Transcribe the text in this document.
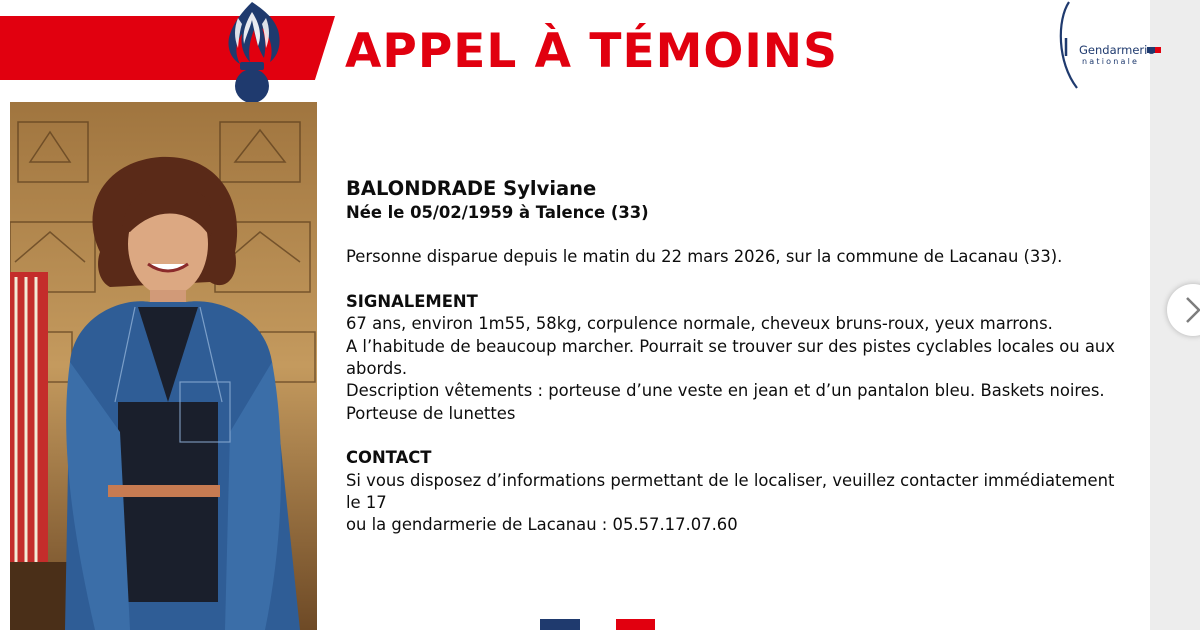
APPEL À TÉMOINS	Gendarmerie
nationale
BALONDRADE Sylviane
Née le 05/02/1959 à Talence (33)
Personne disparue depuis le matin du 22 mars 2026, sur la commune de Lacanau (33).
SIGNALEMENT
67 ans, environ 1m55, 58kg, corpulence normale, cheveux bruns-roux, yeux marrons.
A l’habitude de beaucoup marcher. Pourrait se trouver sur des pistes cyclables locales ou aux
abords.
Description vêtements : porteuse d’une veste en jean et d’un pantalon bleu. Baskets noires.
Porteuse de lunettes
CONTACT
Si vous disposez d’informations permettant de le localiser, veuillez contacter immédiatement
le 17
ou la gendarmerie de Lacanau : 05.57.17.07.60
